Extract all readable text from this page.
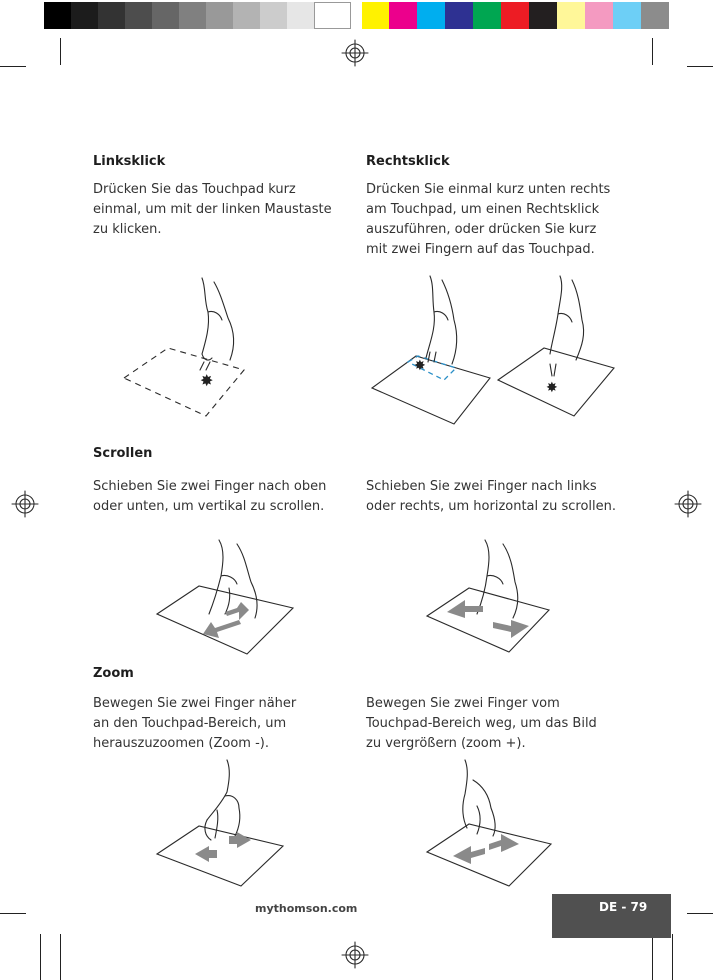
Linksklick
Drücken Sie das Touchpad kurz
einmal, um mit der linken Maustaste
zu klicken.
Rechtsklick
Drücken Sie einmal kurz unten rechts
am Touchpad, um einen Rechtsklick
auszuführen, oder drücken Sie kurz
mit zwei Fingern auf das Touchpad.
✸
✸
✸
Scrollen
Schieben Sie zwei Finger nach oben
oder unten, um vertikal zu scrollen.
Schieben Sie zwei Finger nach links
oder rechts, um horizontal zu scrollen.
Zoom
Bewegen Sie zwei Finger näher
an den Touchpad-Bereich, um
herauszuzoomen (Zoom -).
Bewegen Sie zwei Finger vom
Touchpad-Bereich weg, um das Bild
zu vergrößern (zoom +).
mythomson.com	DE - 79
